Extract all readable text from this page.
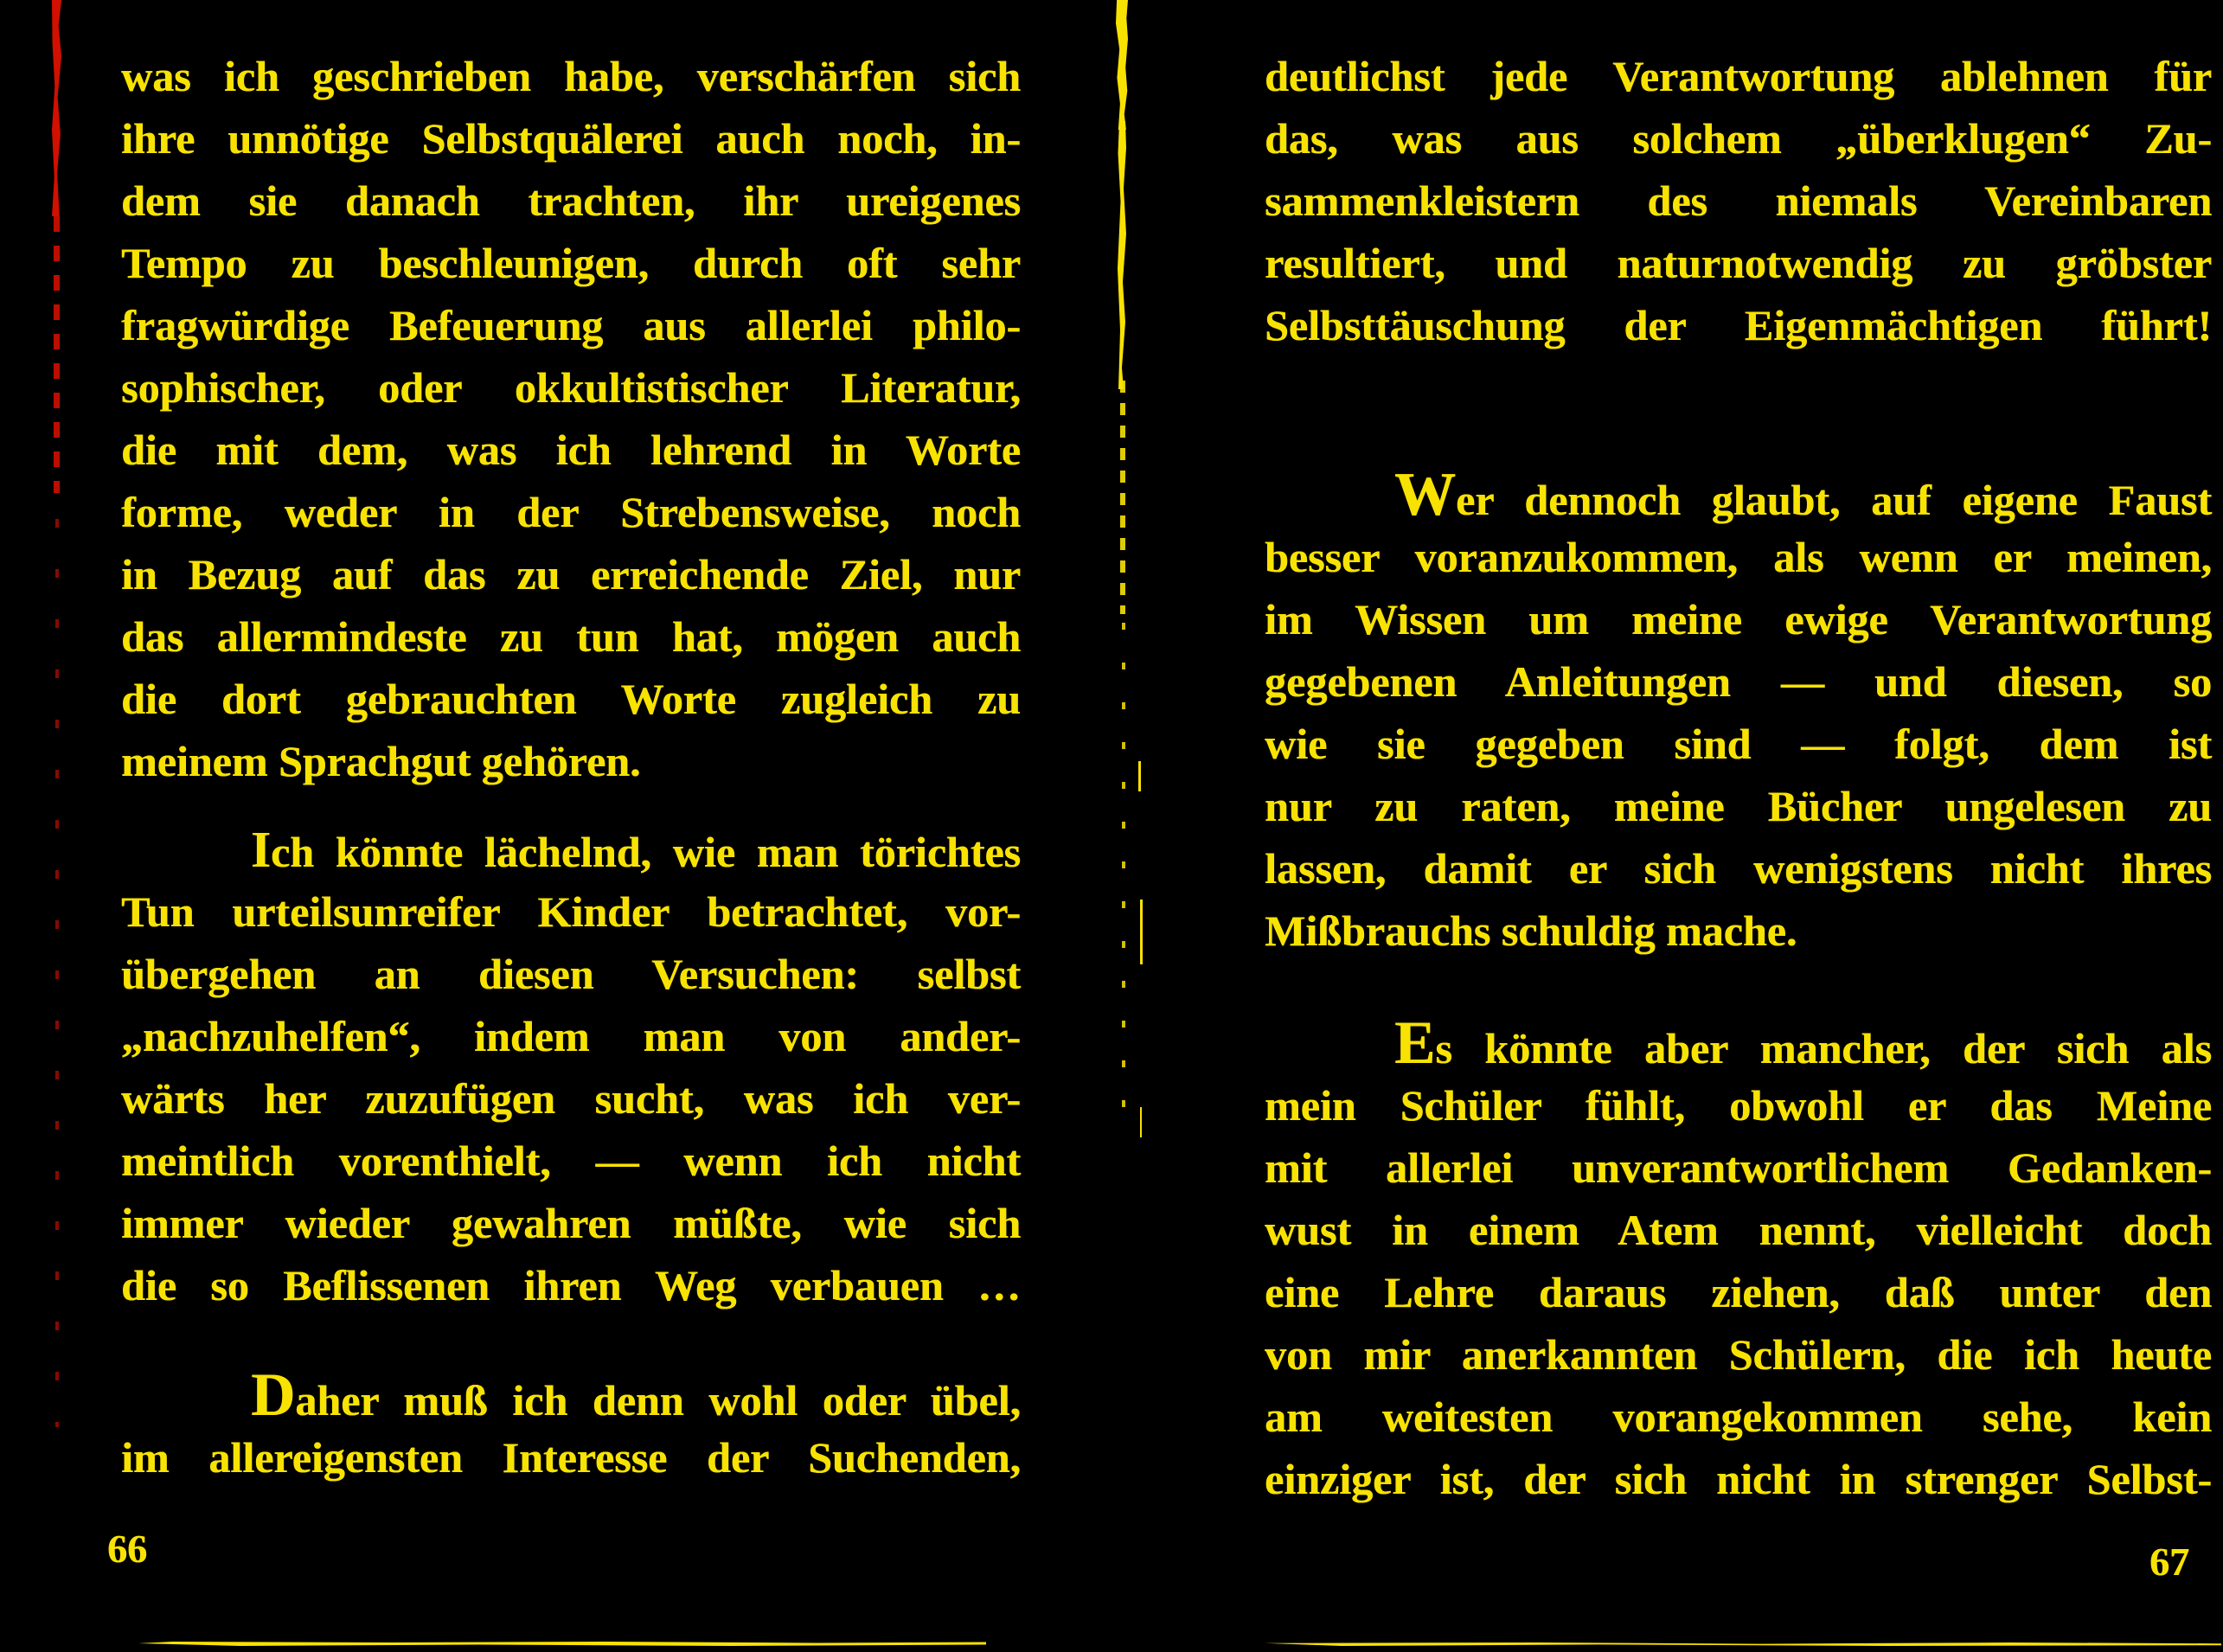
was ich geschrieben habe, verschärfen sich
ihre unnötige Selbstquälerei auch noch, in-
dem sie danach trachten, ihr ureigenes
Tempo zu beschleunigen, durch oft sehr
fragwürdige Befeuerung aus allerlei philo-
sophischer, oder okkultistischer Literatur,
die mit dem, was ich lehrend in Worte
forme, weder in der Strebensweise, noch
in Bezug auf das zu erreichende Ziel, nur
das allermindeste zu tun hat, mögen auch
die dort gebrauchten Worte zugleich zu
meinem Sprachgut gehören.
Ich könnte lächelnd, wie man törichtes
Tun urteilsunreifer Kinder betrachtet, vor-
übergehen an diesen Versuchen: selbst
„nachzuhelfen“, indem man von ander-
wärts her zuzufügen sucht, was ich ver-
meintlich vorenthielt, — wenn ich nicht
immer wieder gewahren müßte, wie sich
die so Beflissenen ihren Weg verbauen …
Daher muß ich denn wohl oder übel,
im allereigensten Interesse der Suchenden,
66
deutlichst jede Verantwortung ablehnen für
das, was aus solchem „überklugen“ Zu-
sammenkleistern des niemals Vereinbaren
resultiert, und naturnotwendig zu gröbster
Selbsttäuschung der Eigenmächtigen führt!
Wer dennoch glaubt, auf eigene Faust
besser voranzukommen, als wenn er meinen,
im Wissen um meine ewige Verantwortung
gegebenen Anleitungen — und diesen, so
wie sie gegeben sind — folgt, dem ist
nur zu raten, meine Bücher ungelesen zu
lassen, damit er sich wenigstens nicht ihres
Mißbrauchs schuldig mache.
Es könnte aber mancher, der sich als
mein Schüler fühlt, obwohl er das Meine
mit allerlei unverantwortlichem Gedanken-
wust in einem Atem nennt, vielleicht doch
eine Lehre daraus ziehen, daß unter den
von mir anerkannten Schülern, die ich heute
am weitesten vorangekommen sehe, kein
einziger ist, der sich nicht in strenger Selbst-
67
